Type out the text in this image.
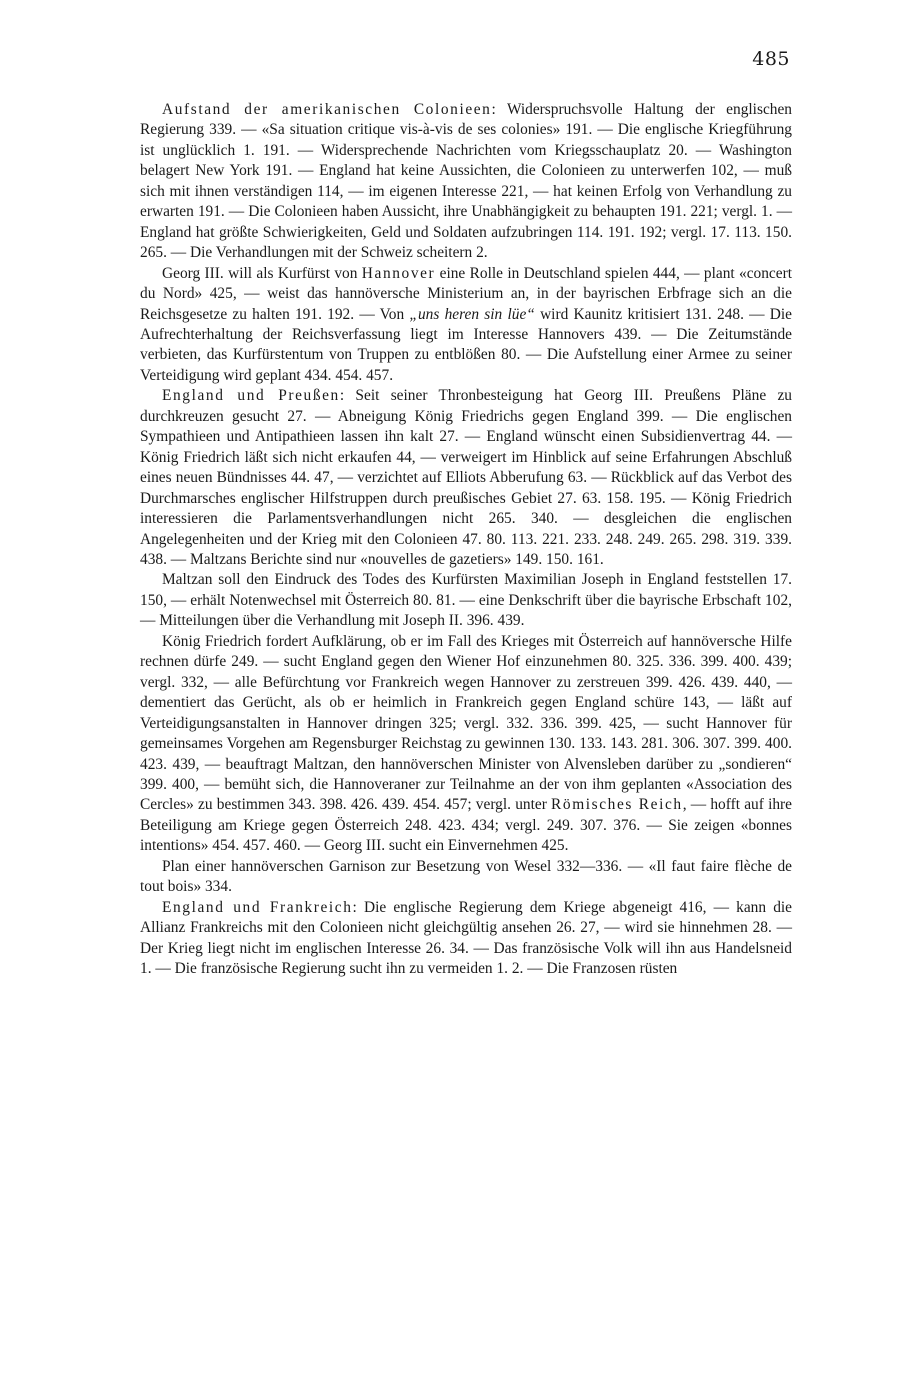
485

Aufstand der amerikanischen Colonieen: Widerspruchsvolle Haltung der englischen Regierung 339. — «Sa situation critique vis-à-vis de ses colonies» 191. — Die englische Kriegführung ist unglücklich 1. 191. — Widersprechende Nachrichten vom Kriegsschauplatz 20. — Washington belagert New York 191. — England hat keine Aussichten, die Colonieen zu unterwerfen 102, — muß sich mit ihnen verständigen 114, — im eigenen Interesse 221, — hat keinen Erfolg von Verhandlung zu erwarten 191. — Die Colonieen haben Aussicht, ihre Unabhängigkeit zu behaupten 191. 221; vergl. 1. — England hat größte Schwierigkeiten, Geld und Soldaten aufzubringen 114. 191. 192; vergl. 17. 113. 150. 265. — Die Verhandlungen mit der Schweiz scheitern 2.

Georg III. will als Kurfürst von Hannover eine Rolle in Deutschland spielen 444, — plant «concert du Nord» 425, — weist das hannöversche Ministerium an, in der bayrischen Erbfrage sich an die Reichsgesetze zu halten 191. 192. — Von „uns heren sin lüe“ wird Kaunitz kritisiert 131. 248. — Die Aufrechterhaltung der Reichsverfassung liegt im Interesse Hannovers 439. — Die Zeitumstände verbieten, das Kurfürstentum von Truppen zu entblößen 80. — Die Aufstellung einer Armee zu seiner Verteidigung wird geplant 434. 454. 457.

England und Preußen: Seit seiner Thronbesteigung hat Georg III. Preußens Pläne zu durchkreuzen gesucht 27. — Abneigung König Friedrichs gegen England 399. — Die englischen Sympathieen und Antipathieen lassen ihn kalt 27. — England wünscht einen Subsidienvertrag 44. — König Friedrich läßt sich nicht erkaufen 44, — verweigert im Hinblick auf seine Erfahrungen Abschluß eines neuen Bündnisses 44. 47, — verzichtet auf Elliots Abberufung 63. — Rückblick auf das Verbot des Durchmarsches englischer Hilfstruppen durch preußisches Gebiet 27. 63. 158. 195. — König Friedrich interessieren die Parlamentsverhandlungen nicht 265. 340. — desgleichen die englischen Angelegenheiten und der Krieg mit den Colonieen 47. 80. 113. 221. 233. 248. 249. 265. 298. 319. 339. 438. — Maltzans Berichte sind nur «nouvelles de gazetiers» 149. 150. 161.

Maltzan soll den Eindruck des Todes des Kurfürsten Maximilian Joseph in England feststellen 17. 150, — erhält Notenwechsel mit Österreich 80. 81. — eine Denkschrift über die bayrische Erbschaft 102, — Mitteilungen über die Verhandlung mit Joseph II. 396. 439.

König Friedrich fordert Aufklärung, ob er im Fall des Krieges mit Österreich auf hannöversche Hilfe rechnen dürfe 249. — sucht England gegen den Wiener Hof einzunehmen 80. 325. 336. 399. 400. 439; vergl. 332, — alle Befürchtung vor Frankreich wegen Hannover zu zerstreuen 399. 426. 439. 440, — dementiert das Gerücht, als ob er heimlich in Frankreich gegen England schüre 143, — läßt auf Verteidigungsanstalten in Hannover dringen 325; vergl. 332. 336. 399. 425, — sucht Hannover für gemeinsames Vorgehen am Regensburger Reichstag zu gewinnen 130. 133. 143. 281. 306. 307. 399. 400. 423. 439, — beauftragt Maltzan, den hannöverschen Minister von Alvensleben darüber zu „sondieren“ 399. 400, — bemüht sich, die Hannoveraner zur Teilnahme an der von ihm geplanten «Association des Cercles» zu bestimmen 343. 398. 426. 439. 454. 457; vergl. unter Römisches Reich, — hofft auf ihre Beteiligung am Kriege gegen Österreich 248. 423. 434; vergl. 249. 307. 376. — Sie zeigen «bonnes intentions» 454. 457. 460. — Georg III. sucht ein Einvernehmen 425.

Plan einer hannöverschen Garnison zur Besetzung von Wesel 332—336. — «Il faut faire flèche de tout bois» 334.

England und Frankreich: Die englische Regierung dem Kriege abgeneigt 416, — kann die Allianz Frankreichs mit den Colonieen nicht gleichgültig ansehen 26. 27, — wird sie hinnehmen 28. — Der Krieg liegt nicht im englischen Interesse 26. 34. — Das französische Volk will ihn aus Handelsneid 1. — Die französische Regierung sucht ihn zu vermeiden 1. 2. — Die Franzosen rüsten
